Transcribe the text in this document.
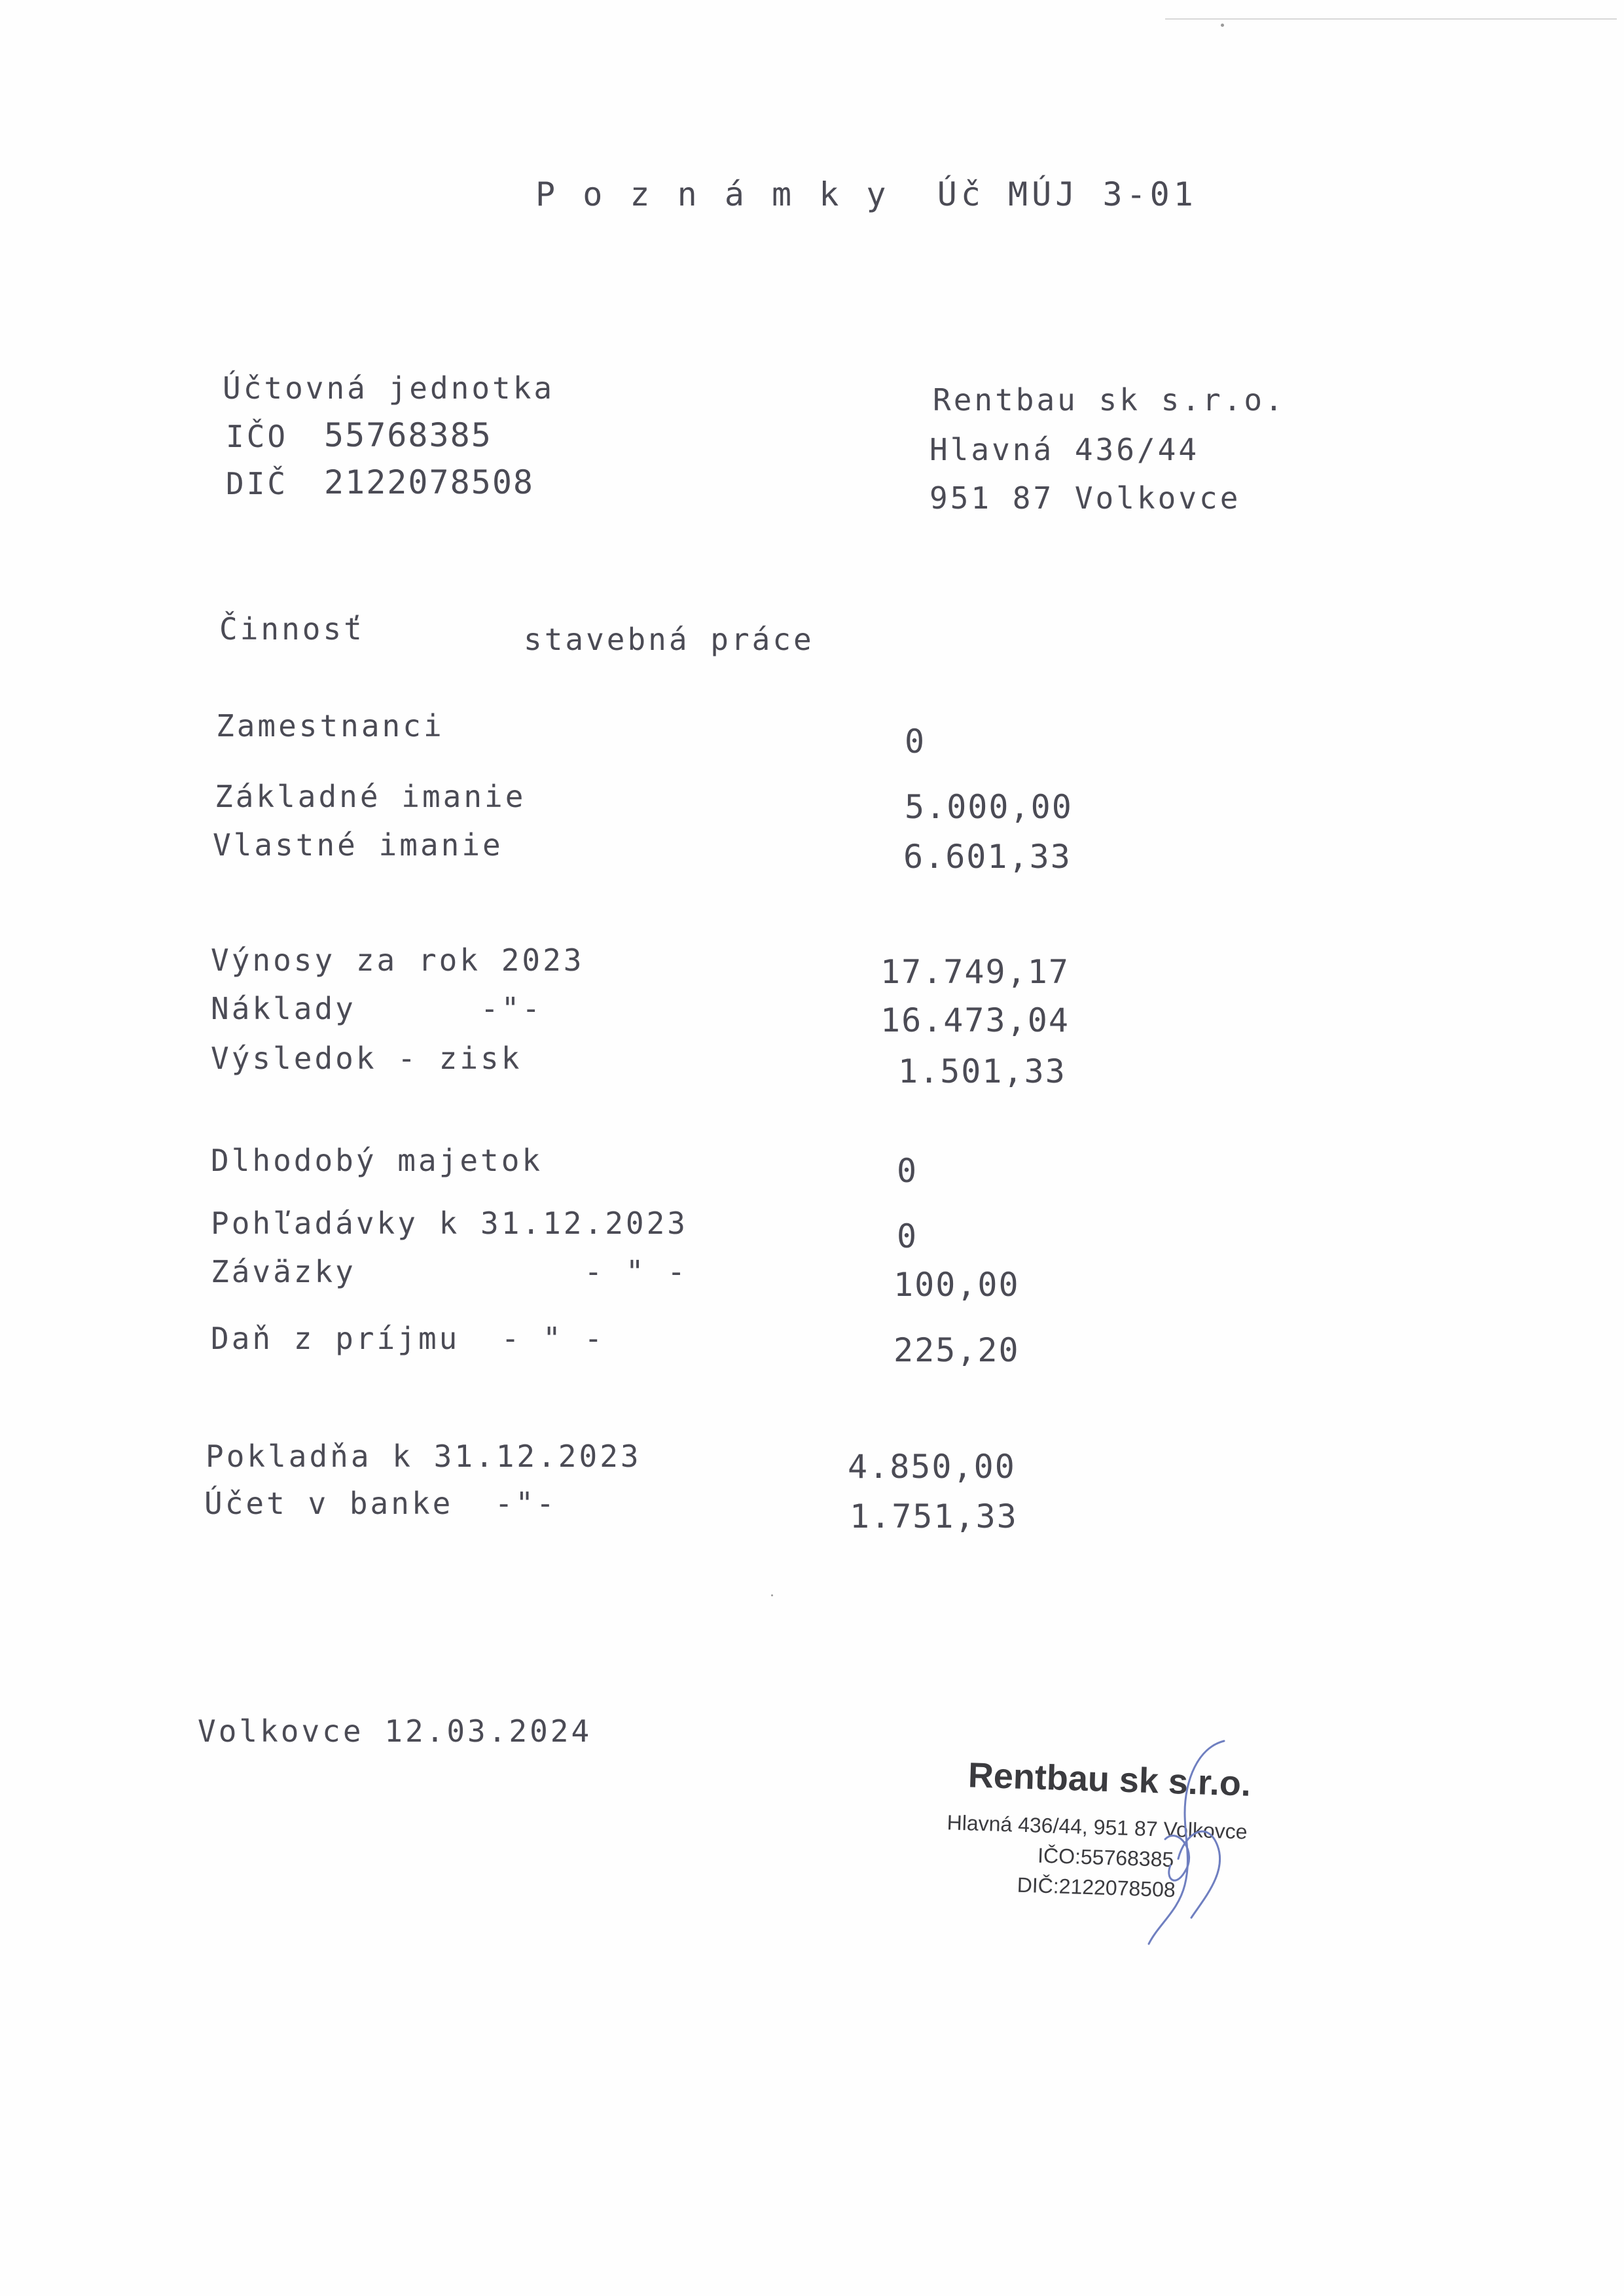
P o z n á m k y  Úč MÚJ 3-01
Účtovná jednotka
IČO 55768385
DIČ 2122078508
Rentbau sk s.r.o.
Hlavná 436/44
951 87 Volkovce
Činnosť	stavebná práce
Zamestnanci	0
Základné imanie	5.000,00
Vlastné imanie	6.601,33
Výnosy za rok 2023	17.749,17
Náklady      -"-	16.473,04
Výsledok - zisk	1.501,33
Dlhodobý majetok	0
Pohľadávky k 31.12.2023	0
Záväzky           - " -	100,00
Daň z príjmu  - " -	225,20
Pokladňa k 31.12.2023	4.850,00
Účet v banke  -"-	1.751,33
Volkovce 12.03.2024
Rentbau sk s.r.o.
Hlavná 436/44, 951 87 Volkovce
IČO:55768385
DIČ:2122078508
